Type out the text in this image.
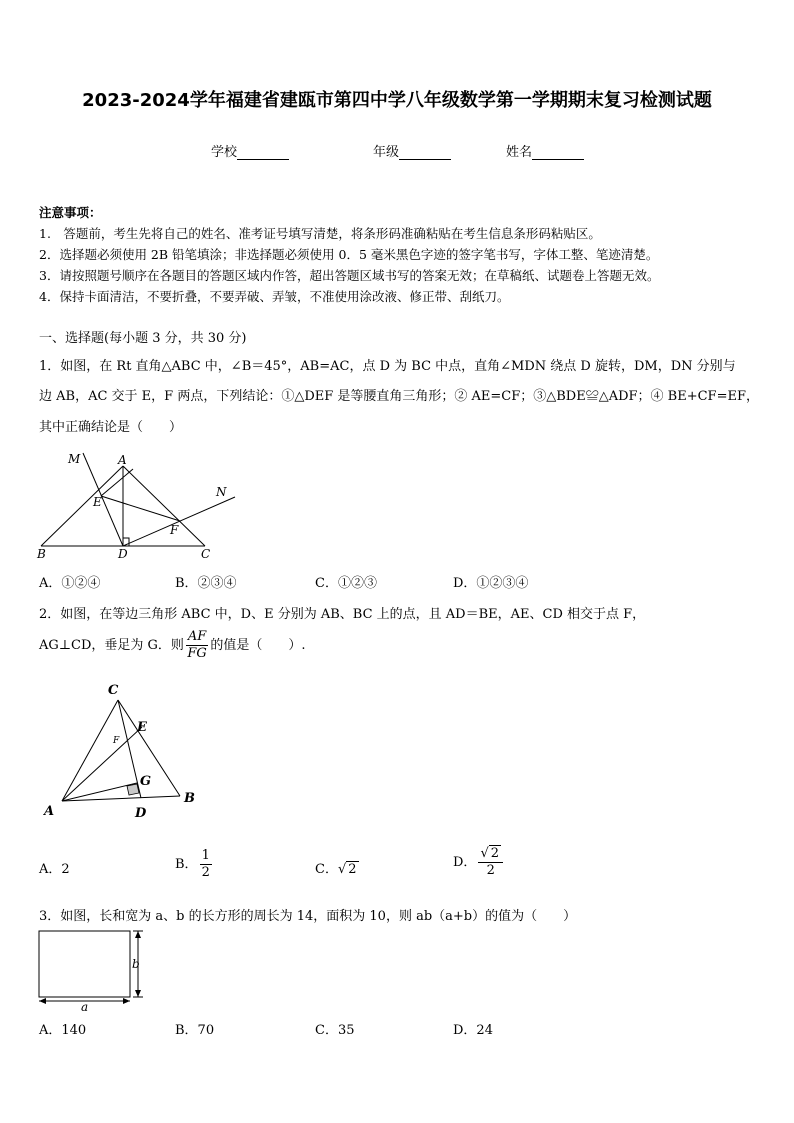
2023-2024学年福建省建瓯市第四中学八年级数学第一学期期末复习检测试题
学校	年级	姓名
注意事项：
1.　答题前，考生先将自己的姓名、准考证号填写清楚，将条形码准确粘贴在考生信息条形码粘贴区。
2．选择题必须使用 2B 铅笔填涂；非选择题必须使用 0．5 毫米黑色字迹的签字笔书写，字体工整、笔迹清楚。
3．请按照题号顺序在各题目的答题区域内作答，超出答题区域书写的答案无效；在草稿纸、试题卷上答题无效。
4．保持卡面清洁，不要折叠，不要弄破、弄皱，不准使用涂改液、修正带、刮纸刀。
一、选择题(每小题 3 分，共 30 分)
1．如图，在 Rt 直角△ABC 中，∠B＝45°，AB=AC，点 D 为 BC 中点，直角∠MDN 绕点 D 旋转，DM，DN 分别与
边 AB，AC 交于 E，F 两点，下列结论：①△DEF 是等腰直角三角形；② AE=CF；③△BDE≌△ADF；④ BE+CF=EF，
其中正确结论是（　　）
M	A
N
E
F
B	D	C
A．①②④	B．②③④	C．①②③	D．①②③④
2．如图，在等边三角形 ABC 中，D、E 分别为 AB、BC 上的点，且 AD＝BE，AE、CD 相交于点 F，
AG⊥CD，垂足为 G．则 $\frac{AF}{FG}$ 的值是（　　）.
C
E
G
A	D
B
F
A．2	B． $\frac{1}{2}$	C．√ 2	D． $\frac{√ 2}{2}$
3．如图，长和宽为 a、b 的长方形的周长为 14，面积为 10，则 ab（a+b）的值为（　　）
b
a
A．140	B．70	C．35	D．24
